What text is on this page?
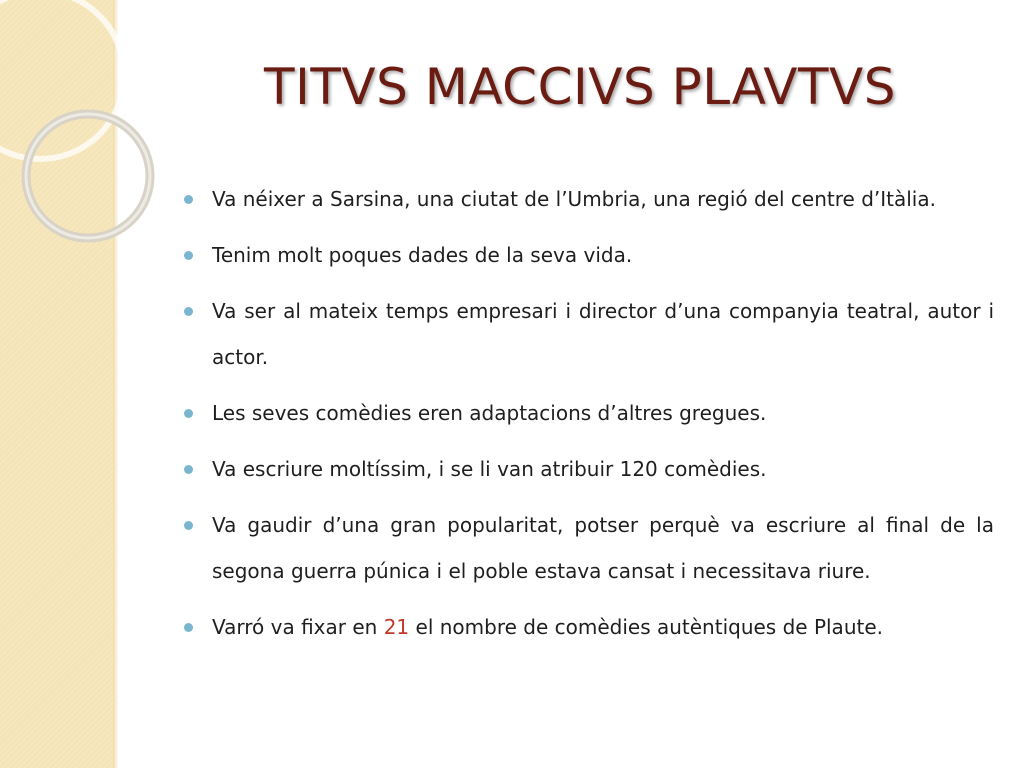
TITVS MACCIVS PLAVTVS
Va néixer a Sarsina, una ciutat de l’Umbria, una regió del centre d’Itàlia.
Tenim molt poques dades de la seva vida.
Va ser al mateix temps empresari i director d’una companyia teatral, autor i actor.
Les seves comèdies eren adaptacions d’altres gregues.
Va escriure moltíssim, i se li van atribuir 120 comèdies.
Va gaudir d’una gran popularitat, potser perquè va escriure al final de la segona guerra púnica i el poble estava cansat i necessitava riure.
Varró va fixar en 21 el nombre de comèdies autèntiques de Plaute.
